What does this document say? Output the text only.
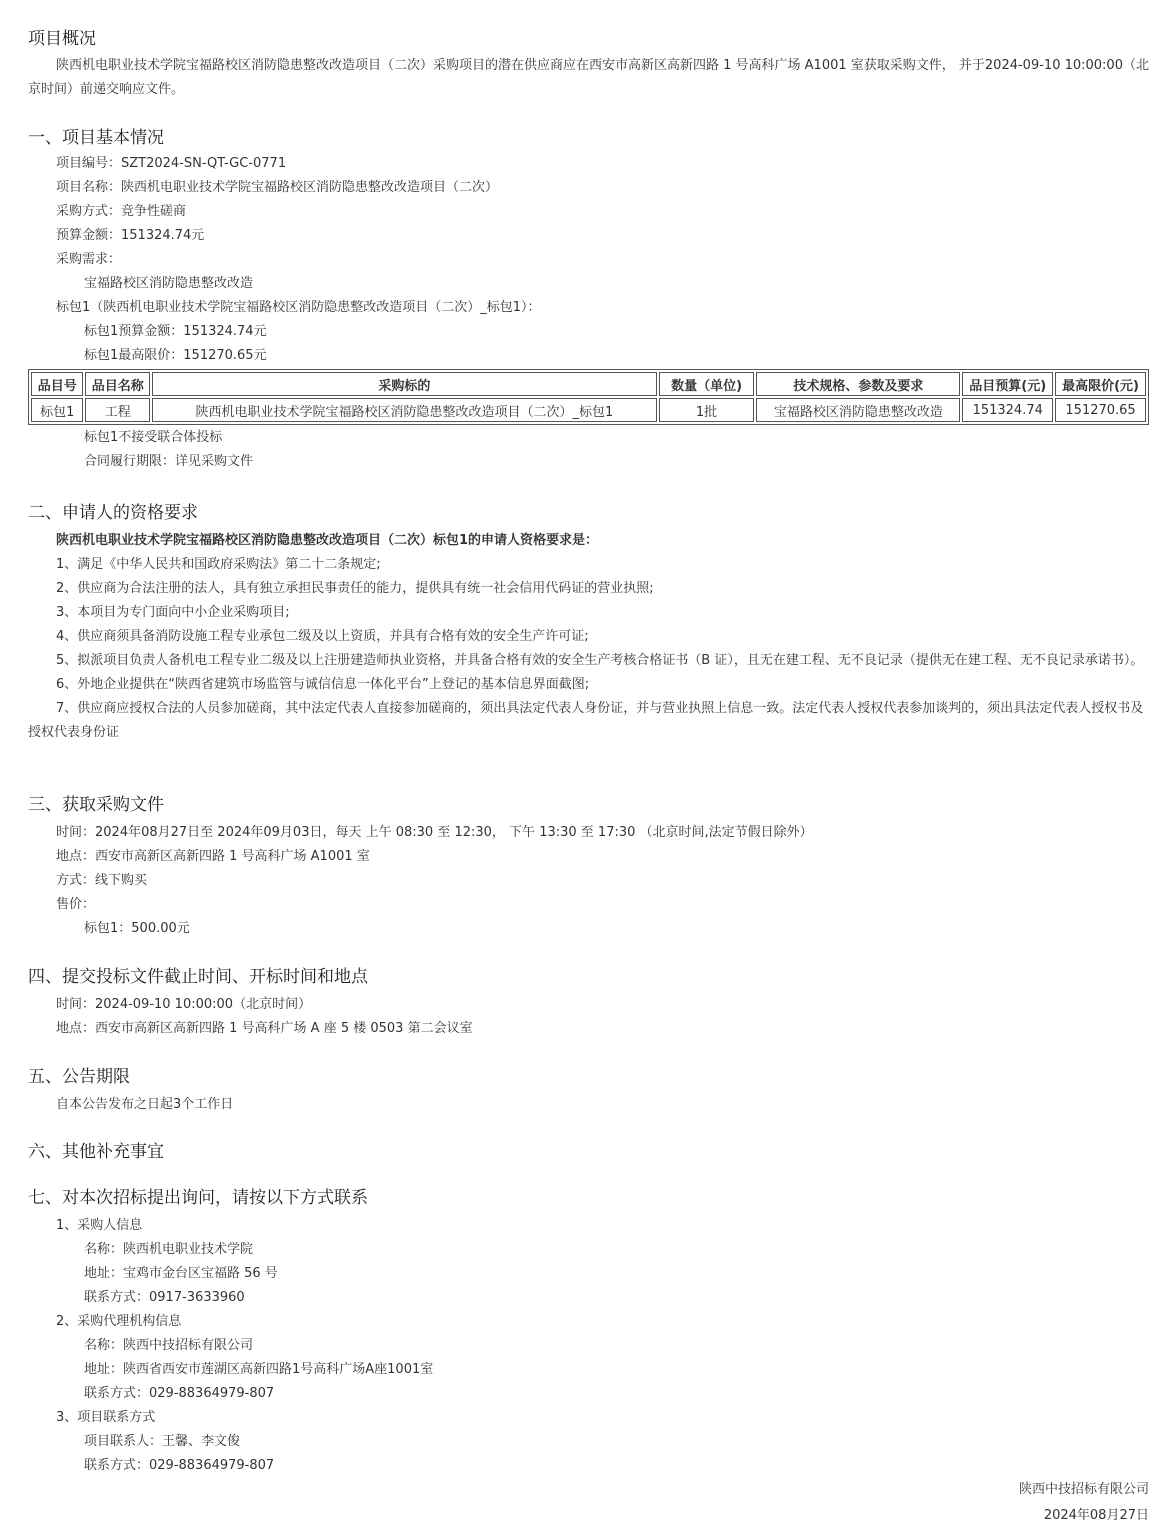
项目概况
陕西机电职业技术学院宝福路校区消防隐患整改改造项目（二次）采购项目的潜在供应商应在西安市高新区高新四路 1 号高科广场 A1001 室获取采购文件， 并于2024-09-10 10:00:00（北京时间）前递交响应文件。
一、项目基本情况
项目编号：SZT2024-SN-QT-GC-0771
项目名称：陕西机电职业技术学院宝福路校区消防隐患整改改造项目（二次）
采购方式：竞争性磋商
预算金额：151324.74元
采购需求：
宝福路校区消防隐患整改改造
标包1（陕西机电职业技术学院宝福路校区消防隐患整改改造项目（二次）_标包1）：
标包1预算金额：151324.74元
标包1最高限价：151270.65元
品目号	品目名称	采购标的	数量（单位)	技术规格、参数及要求	品目预算(元)	最高限价(元)
标包1	工程	陕西机电职业技术学院宝福路校区消防隐患整改改造项目（二次）_标包1	1批	宝福路校区消防隐患整改改造	151324.74	151270.65
标包1不接受联合体投标
合同履行期限：详见采购文件
二、申请人的资格要求
陕西机电职业技术学院宝福路校区消防隐患整改改造项目（二次）标包1的申请人资格要求是：
1、满足《中华人民共和国政府采购法》第二十二条规定;
2、供应商为合法注册的法人，具有独立承担民事责任的能力，提供具有统一社会信用代码证的营业执照;
3、本项目为专门面向中小企业采购项目;
4、供应商须具备消防设施工程专业承包二级及以上资质，并具有合格有效的安全生产许可证;
5、拟派项目负责人备机电工程专业二级及以上注册建造师执业资格，并具备合格有效的安全生产考核合格证书（B 证），且无在建工程、无不良记录（提供无在建工程、无不良记录承诺书）。
6、外地企业提供在“陕西省建筑市场监管与诚信信息一体化平台”上登记的基本信息界面截图;
7、供应商应授权合法的人员参加磋商，其中法定代表人直接参加磋商的，须出具法定代表人身份证，并与营业执照上信息一致。法定代表人授权代表参加谈判的，须出具法定代表人授权书及授权代表身份证
三、获取采购文件
时间：2024年08月27日至 2024年09月03日，每天 上午 08:30 至 12:30， 下午 13:30 至 17:30 （北京时间,法定节假日除外）
地点：西安市高新区高新四路 1 号高科广场 A1001 室
方式：线下购买
售价：
标包1：500.00元
四、提交投标文件截止时间、开标时间和地点
时间：2024-09-10 10:00:00（北京时间）
地点：西安市高新区高新四路 1 号高科广场 A 座 5 楼 0503 第二会议室
五、公告期限
自本公告发布之日起3个工作日
六、其他补充事宜
七、对本次招标提出询问，请按以下方式联系
1、采购人信息
名称：陕西机电职业技术学院
地址：宝鸡市金台区宝福路 56 号
联系方式：0917-3633960
2、采购代理机构信息
名称：陕西中技招标有限公司
地址：陕西省西安市莲湖区高新四路1号高科广场A座1001室
联系方式：029-88364979-807
3、项目联系方式
项目联系人：王馨、李文俊
联系方式：029-88364979-807
陕西中技招标有限公司
2024年08月27日
